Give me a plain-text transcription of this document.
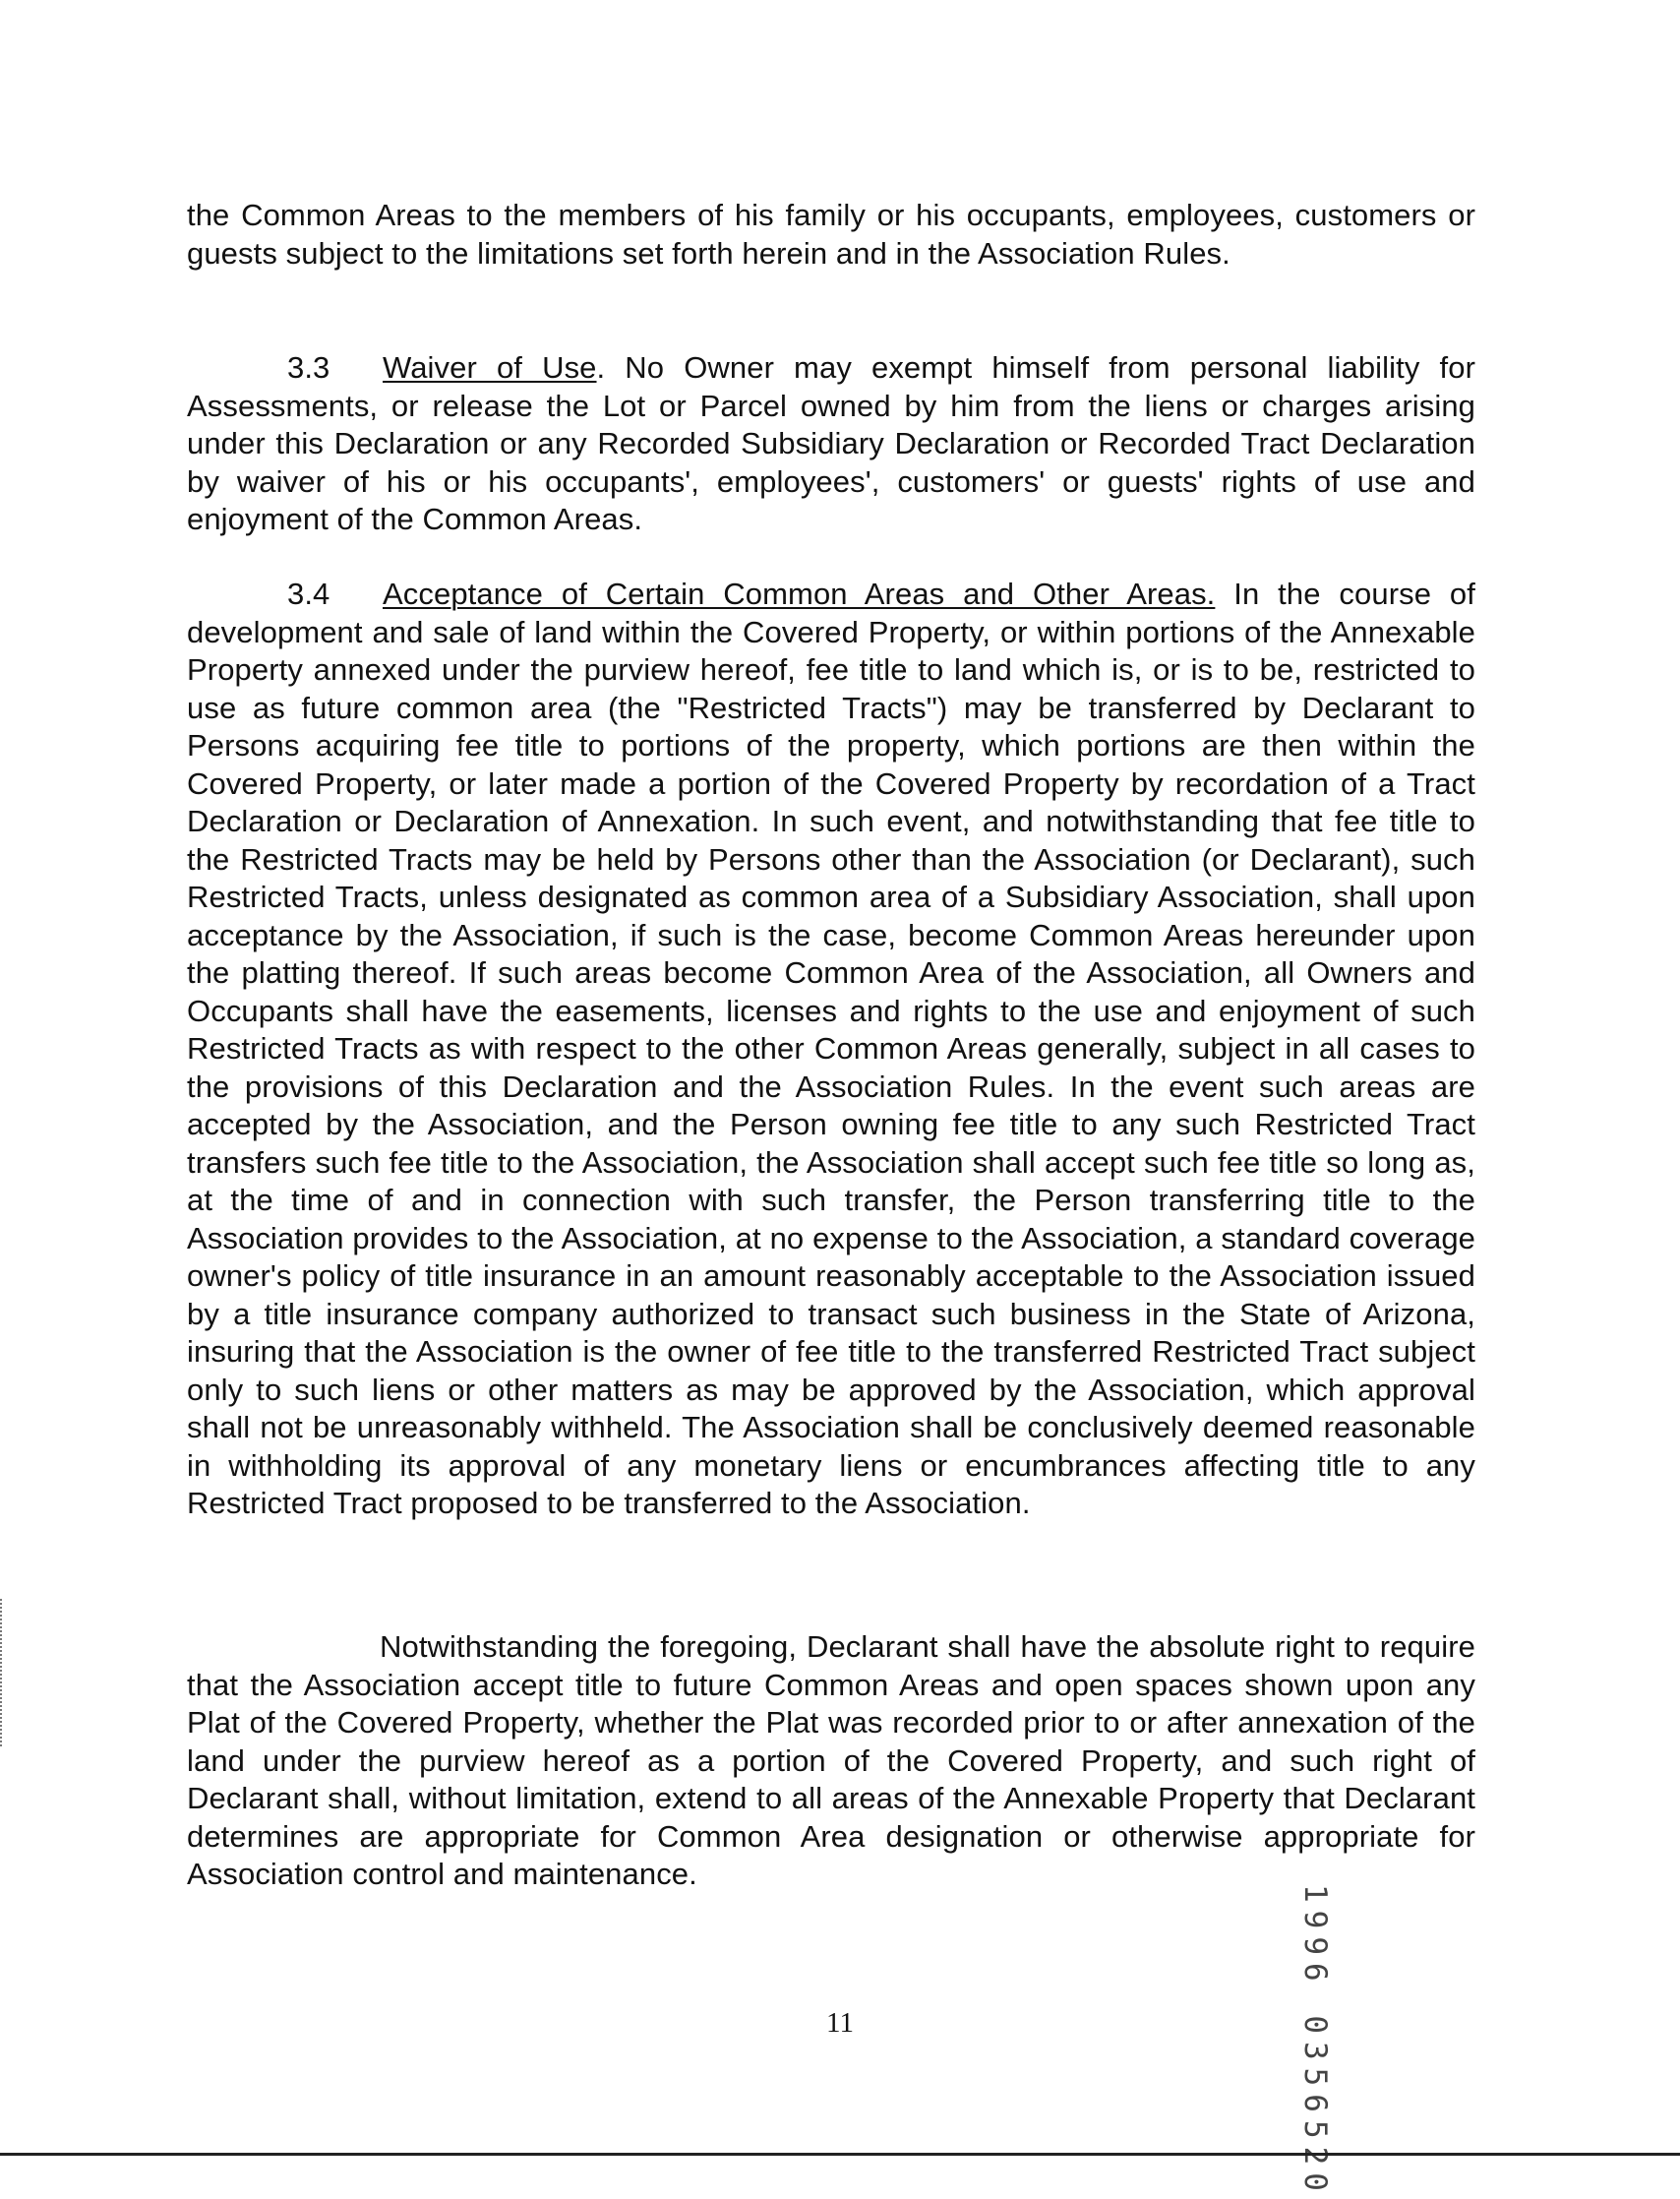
the Common Areas to the members of his family or his occupants, employees, customers or guests subject to the limitations set forth herein and in the Association Rules.

3.3 Waiver of Use. No Owner may exempt himself from personal liability for Assessments, or release the Lot or Parcel owned by him from the liens or charges arising under this Declaration or any Recorded Subsidiary Declaration or Recorded Tract Declaration by waiver of his or his occupants', employees', customers' or guests' rights of use and enjoyment of the Common Areas.

3.4 Acceptance of Certain Common Areas and Other Areas. In the course of development and sale of land within the Covered Property, or within portions of the Annexable Property annexed under the purview hereof, fee title to land which is, or is to be, restricted to use as future common area (the "Restricted Tracts") may be transferred by Declarant to Persons acquiring fee title to portions of the property, which portions are then within the Covered Property, or later made a portion of the Covered Property by recordation of a Tract Declaration or Declaration of Annexation. In such event, and notwithstanding that fee title to the Restricted Tracts may be held by Persons other than the Association (or Declarant), such Restricted Tracts, unless designated as common area of a Subsidiary Association, shall upon acceptance by the Association, if such is the case, become Common Areas hereunder upon the platting thereof. If such areas become Common Area of the Association, all Owners and Occupants shall have the easements, licenses and rights to the use and enjoyment of such Restricted Tracts as with respect to the other Common Areas generally, subject in all cases to the provisions of this Declaration and the Association Rules. In the event such areas are accepted by the Association, and the Person owning fee title to any such Restricted Tract transfers such fee title to the Association, the Association shall accept such fee title so long as, at the time of and in connection with such transfer, the Person transferring title to the Association provides to the Association, at no expense to the Association, a standard coverage owner's policy of title insurance in an amount reasonably acceptable to the Association issued by a title insurance company authorized to transact such business in the State of Arizona, insuring that the Association is the owner of fee title to the transferred Restricted Tract subject only to such liens or other matters as may be approved by the Association, which approval shall not be unreasonably withheld. The Association shall be conclusively deemed reasonable in withholding its approval of any monetary liens or encumbrances affecting title to any Restricted Tract proposed to be transferred to the Association.

Notwithstanding the foregoing, Declarant shall have the absolute right to require that the Association accept title to future Common Areas and open spaces shown upon any Plat of the Covered Property, whether the Plat was recorded prior to or after annexation of the land under the purview hereof as a portion of the Covered Property, and such right of Declarant shall, without limitation, extend to all areas of the Annexable Property that Declarant determines are appropriate for Common Area designation or otherwise appropriate for Association control and maintenance.

11	1996 0356520
